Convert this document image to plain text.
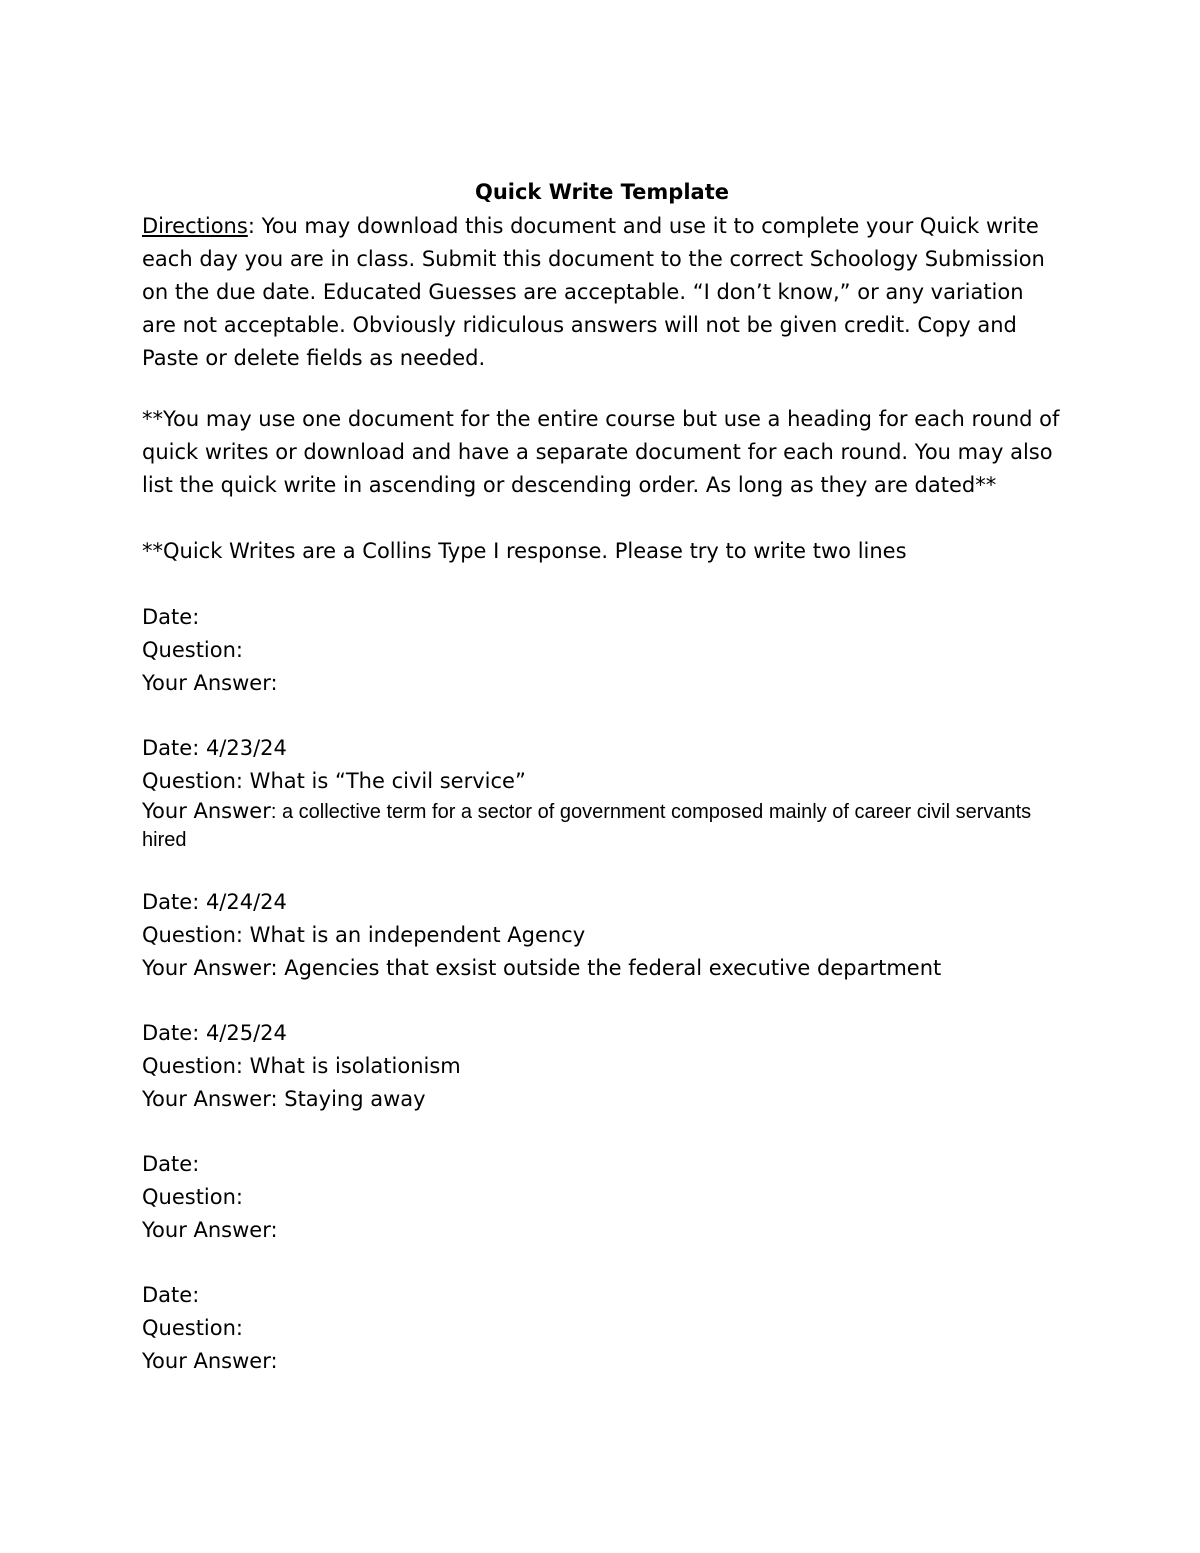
Quick Write Template

Directions: You may download this document and use it to complete your Quick write each day you are in class. Submit this document to the correct Schoology Submission on the due date. Educated Guesses are acceptable. “I don’t know,” or any variation are not acceptable. Obviously ridiculous answers will not be given credit. Copy and Paste or delete fields as needed.

**You may use one document for the entire course but use a heading for each round of quick writes or download and have a separate document for each round. You may also list the quick write in ascending or descending order. As long as they are dated**

**Quick Writes are a Collins Type I response. Please try to write two lines

Date:
Question:
Your Answer:
Date: 4/23/24
Question: What is “The civil service”
Your Answer: a collective term for a sector of government composed mainly of career civil servants hired
Date: 4/24/24
Question: What is an independent Agency
Your Answer: Agencies that exsist outside the federal executive department
Date: 4/25/24
Question: What is isolationism
Your Answer: Staying away
Date:
Question:
Your Answer:
Date:
Question:
Your Answer:
